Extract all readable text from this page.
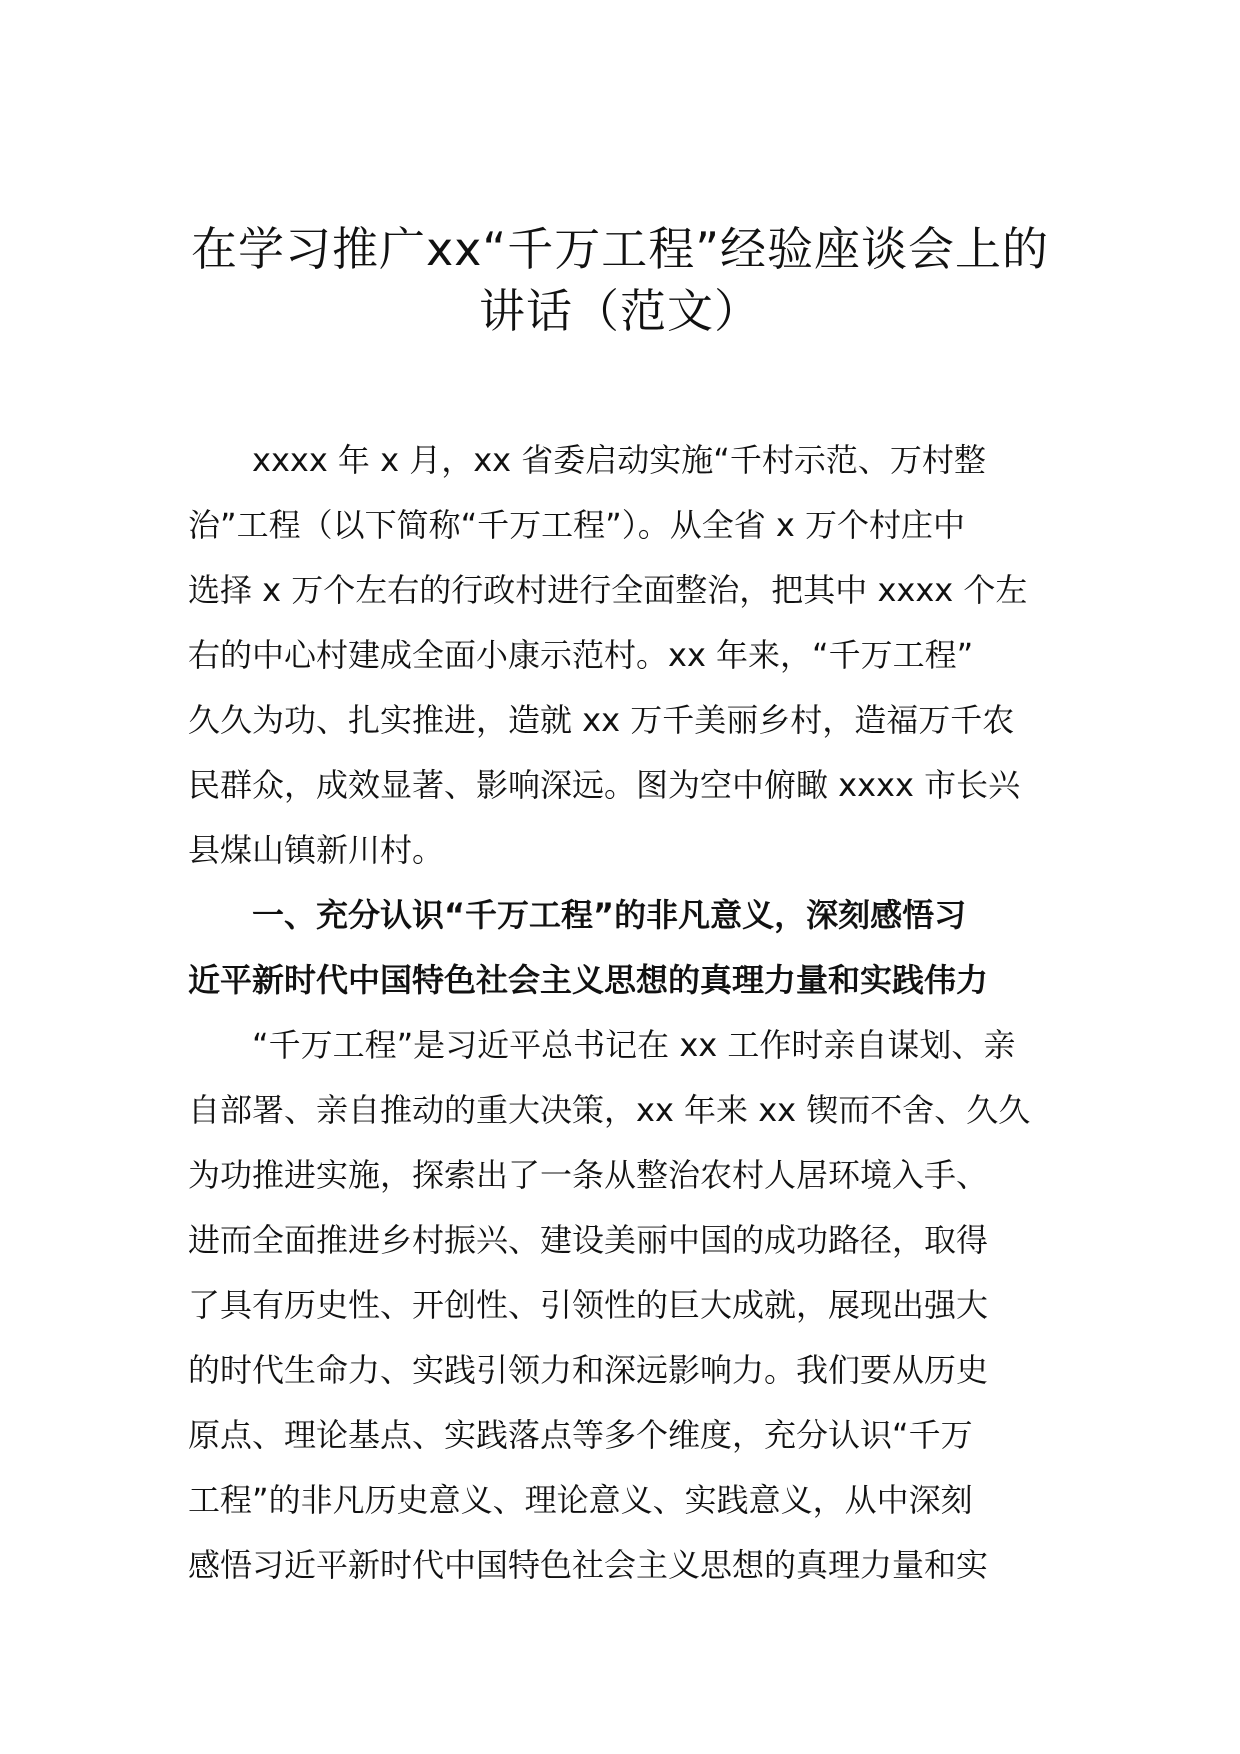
在学习推广xx“千万工程”经验座谈会上的
讲话（范文）
xxxx 年 x 月，xx 省委启动实施“千村示范、万村整
治”工程（以下简称“千万工程”）。从全省 x 万个村庄中
选择 x 万个左右的行政村进行全面整治，把其中 xxxx 个左
右的中心村建成全面小康示范村。xx 年来，“千万工程”
久久为功、扎实推进，造就 xx 万千美丽乡村，造福万千农
民群众，成效显著、影响深远。图为空中俯瞰 xxxx 市长兴
县煤山镇新川村。
一、充分认识“千万工程”的非凡意义，深刻感悟习
近平新时代中国特色社会主义思想的真理力量和实践伟力
“千万工程”是习近平总书记在 xx 工作时亲自谋划、亲
自部署、亲自推动的重大决策，xx 年来 xx 锲而不舍、久久
为功推进实施，探索出了一条从整治农村人居环境入手、
进而全面推进乡村振兴、建设美丽中国的成功路径，取得
了具有历史性、开创性、引领性的巨大成就，展现出强大
的时代生命力、实践引领力和深远影响力。我们要从历史
原点、理论基点、实践落点等多个维度，充分认识“千万
工程”的非凡历史意义、理论意义、实践意义，从中深刻
感悟习近平新时代中国特色社会主义思想的真理力量和实
